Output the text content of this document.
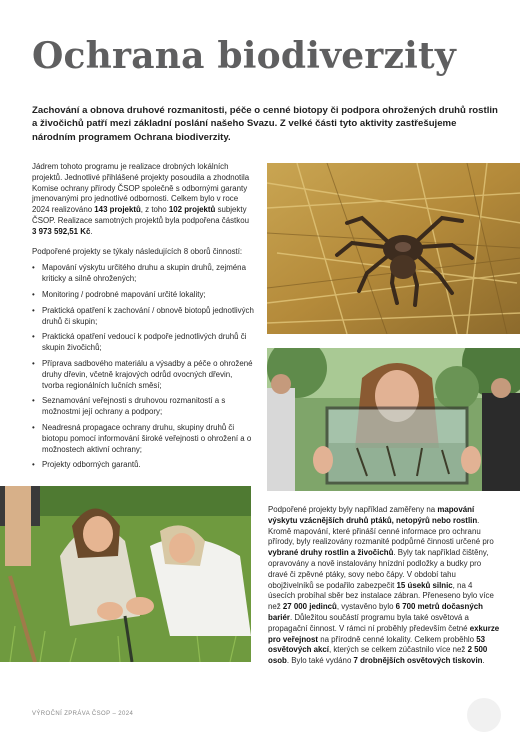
Ochrana biodiverzity

Zachování a obnova druhové rozmanitosti, péče o cenné biotopy či podpora ohrožených druhů rostlin a živočichů patří mezi základní poslání našeho Svazu. Z velké části tyto aktivity zastřešujeme národním programem Ochrana biodiverzity.

Jádrem tohoto programu je realizace drobných lokálních projektů. Jednotlivé přihlášené projekty posoudila a zhodnotila Komise ochrany přírody ČSOP společně s odbornými garanty jmenovanými pro jednotlivé odbornosti. Celkem bylo v roce 2024 realizováno 143 projektů, z toho 102 projektů subjekty ČSOP. Realizace samotných projektů byla podpořena částkou 3 973 592,51 Kč.

Podpořené projekty se týkaly následujících 8 oborů činností:

• Mapování výskytu určitého druhu a skupin druhů, zejména kriticky a silně ohrožených;
• Monitoring / podrobné mapování určité lokality;
• Praktická opatření k zachování / obnově biotopů jednotlivých druhů či skupin;
• Praktická opatření vedoucí k podpoře jednotlivých druhů či skupin živočichů;
• Příprava sadbového materiálu a výsadby a péče o ohrožené druhy dřevin, včetně krajových odrůd ovocných dřevin, tvorba regionálních lučních směsí;
• Seznamování veřejnosti s druhovou rozmanitostí a s možnostmi její ochrany a podpory;
• Neadresná propagace ochrany druhu, skupiny druhů či biotopu pomocí informování široké veřejnosti o ohrožení a o možnostech aktivní ochrany;
• Projekty odborných garantů.

Podpořené projekty byly například zaměřeny na mapování výskytu vzácnějších druhů ptáků, netopýrů nebo rostlin. Kromě mapování, které přináší cenné informace pro ochranu přírody, byly realizovány rozmanité podpůrné činnosti určené pro vybrané druhy rostlin a živočichů. Byly tak například čištěny, opravovány a nově instalovány hnízdní podložky a budky pro dravé či zpěvné ptáky, sovy nebo čápy. V období tahu obojživelníků se podařilo zabezpečit 15 úseků silnic, na 4 úsecích probíhal sběr bez instalace zábran. Přeneseno bylo více než 27 000 jedinců, vystavěno bylo 6 700 metrů dočasných bariér. Důležitou součástí programu byla také osvětová a propagační činnost. V rámci ní proběhly především četné exkurze pro veřejnost na přírodně cenné lokality. Celkem proběhlo 53 osvětových akcí, kterých se celkem zúčastnilo více než 2 500 osob. Bylo také vydáno 7 drobnějších osvětových tiskovin.

VÝROČNÍ ZPRÁVA ČSOP – 2024
